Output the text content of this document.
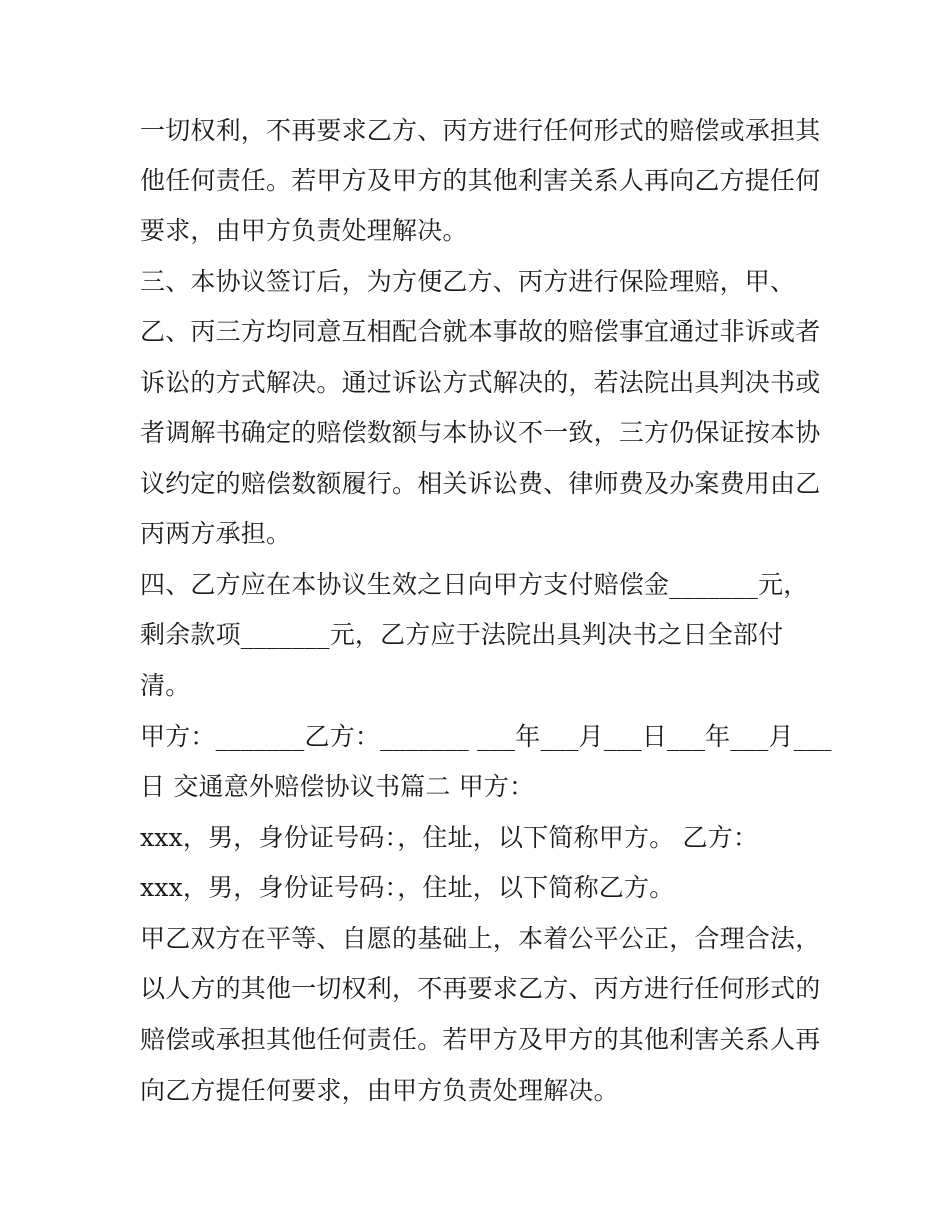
一切权利，不再要求乙方、丙方进行任何形式的赔偿或承担其
他任何责任。若甲方及甲方的其他利害关系人再向乙方提任何
要求，由甲方负责处理解决。
三、本协议签订后，为方便乙方、丙方进行保险理赔，甲、
乙、丙三方均同意互相配合就本事故的赔偿事宜通过非诉或者
诉讼的方式解决。通过诉讼方式解决的，若法院出具判决书或
者调解书确定的赔偿数额与本协议不一致，三方仍保证按本协
议约定的赔偿数额履行。相关诉讼费、律师费及办案费用由乙
丙两方承担。
四、乙方应在本协议生效之日向甲方支付赔偿金_______元，
剩余款项_______元，乙方应于法院出具判决书之日全部付
清。
甲方：_______乙方：_______ ___年___月___日___年___月___
日 交通意外赔偿协议书篇二 甲方：
xxx，男，身份证号码：，住址，以下简称甲方。 乙方：
xxx，男，身份证号码：，住址，以下简称乙方。
甲乙双方在平等、自愿的基础上，本着公平公正，合理合法，
以人方的其他一切权利，不再要求乙方、丙方进行任何形式的
赔偿或承担其他任何责任。若甲方及甲方的其他利害关系人再
向乙方提任何要求，由甲方负责处理解决。
